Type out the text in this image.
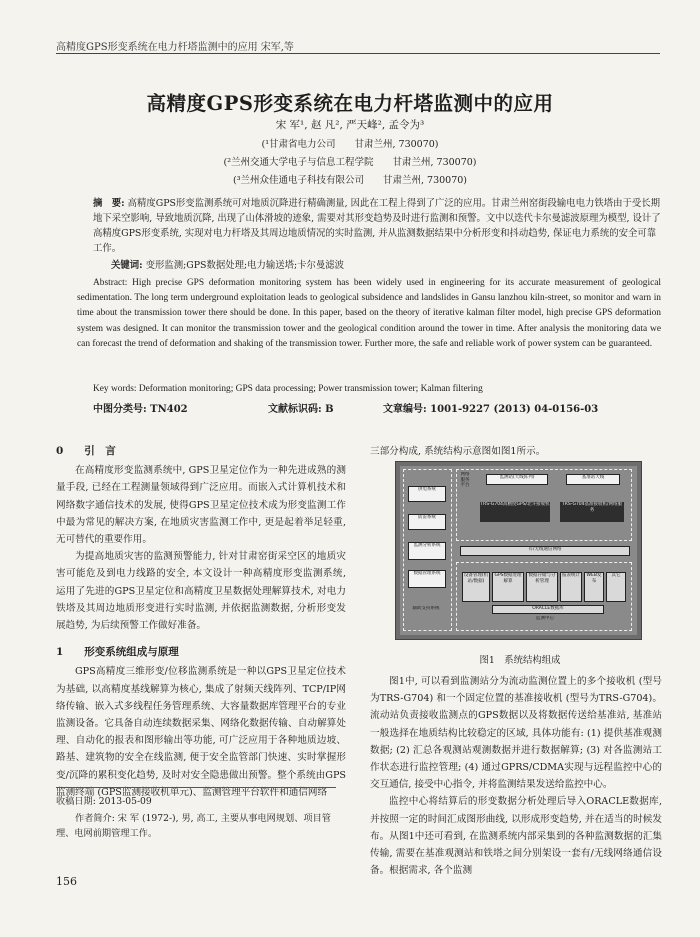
高精度GPS形变系统在电力杆塔监测中的应用 宋军,等
高精度GPS形变系统在电力杆塔监测中的应用
宋 军¹, 赵 凡², 严天峰², 孟令为³
(¹甘肃省电力公司　　甘肃兰州, 730070)
(²兰州交通大学电子与信息工程学院　　甘肃兰州, 730070)
(³兰州众佳通电子科技有限公司　　甘肃兰州, 730070)
摘　要: 高精度GPS形变监测系统可对地质沉降进行精确测量, 因此在工程上得到了广泛的应用。甘肃兰州窑街段输电电力铁塔由于受长期地下采空影响, 导致地质沉降, 出现了山体滑坡的迹象, 需要对其形变趋势及时进行监测和预警。文中以迭代卡尔曼滤波原理为模型, 设计了高精度GPS形变系统, 实现对电力杆塔及其周边地质情况的实时监测, 并从监测数据结果中分析形变和抖动趋势, 保证电力系统的安全可靠工作。
关键词: 变形监测;GPS数据处理;电力输送塔;卡尔曼滤波
Abstract: High precise GPS deformation monitoring system has been widely used in engineering for its accurate measurement of geological sedimentation. The long term underground exploitation leads to geological subsidence and landslides in Gansu lanzhou kiln-street, so monitor and warn in time about the transmission tower there should be done. In this paper, based on the theory of iterative kalman filter model, high precise GPS deformation system was designed. It can monitor the transmission tower and the geological condition around the tower in time. After analysis the monitoring data we can forecast the trend of deformation and shaking of the transmission tower. Further more, the safe and reliable work of power system can be guaranteed.
Key words: Deformation monitoring; GPS data processing; Power transmission tower; Kalman filtering
中图分类号: TN402	文献标识码: B	文章编号: 1001-9227 (2013) 04-0156-03

0　　引　言

在高精度形变监测系统中, GPS卫星定位作为一种先进成熟的测量手段, 已经在工程测量领域得到广泛应用。而嵌入式计算机技术和网络数字通信技术的发展, 使得GPS卫星定位技术成为形变监测工作中最为常见的解决方案, 在地质灾害监测工作中, 更是起着举足轻重, 无可替代的重要作用。

为提高地质灾害的监测预警能力, 针对甘肃窑街采空区的地质灾害可能危及到电力线路的安全, 本文设计一种高精度形变监测系统, 运用了先进的GPS卫星定位和高精度卫星数据处理解算技术, 对电力铁塔及其周边地质形变进行实时监测, 并依据监测数据, 分析形变发展趋势, 为后续预警工作做好准备。

1　　形变系统组成与原理

GPS高精度三维形变/位移监测系统是一种以GPS卫星定位技术为基础, 以高精度基线解算为核心, 集成了射频天线阵列、TCP/IP网络传输、嵌入式多线程任务管理系统、大容量数据库管理平台的专业监测设备。它具备自动连续数据采集、网络化数据传输、自动解算处理、自动化的报表和图形输出等功能, 可广泛应用于各种地质边坡、路基、建筑物的安全在线监测, 便于安全监管部门快速、实时掌握形变/沉降的累积变化趋势, 及时对安全隐患做出预警。整个系统由GPS监测终端 (GPS监测接收机单元)、监测管理平台软件和通信网络

收稿日期: 2013-05-09
作者简介: 宋 军 (1972-), 男, 高工, 主要从事电网规划、项目管理、电网前期管理工作。
156

三部分构成, 系统结构示意图如图1所示。

供电系统
防雷系统
监测分析系统
数据管理系统
辅助支持系统
网络服务平台
监测站(天线阵列)	基准站天线
TRS-G704高精度GPS/北斗接收机	TRS-G704基准接收机/网络服务
有/无线通信网络
设备管理(机站/数据)
GPS数据处理解算
数据存储与分析管理
报表统计	WEB发布
其它
ORACLE数据库
监测中心
图1　系统结构组成

图1中, 可以看到监测站分为流动监测位置上的多个接收机 (型号为TRS-G704) 和一个固定位置的基准接收机 (型号为TRS-G704)。流动站负责接收监测点的GPS数据以及将数据传送给基准站, 基准站一般选择在地质结构比较稳定的区域, 具体功能有: (1) 提供基准观测数据; (2) 汇总各观测站观测数据并进行数据解算; (3) 对各监测站工作状态进行监控管理; (4) 通过GPRS/CDMA实现与远程监控中心的交互通信, 接受中心指令, 并将监测结果发送给监控中心。

监控中心将结算后的形变数据分析处理后导入ORACLE数据库, 并按照一定的时间汇成图形曲线, 以形成形变趋势, 并在适当的时候发布。从图1中还可看到, 在监测系统内部采集到的各种监测数据的汇集传输, 需要在基准观测站和铁塔之间分别架设一套有/无线网络通信设备。根据需求, 各个监测
